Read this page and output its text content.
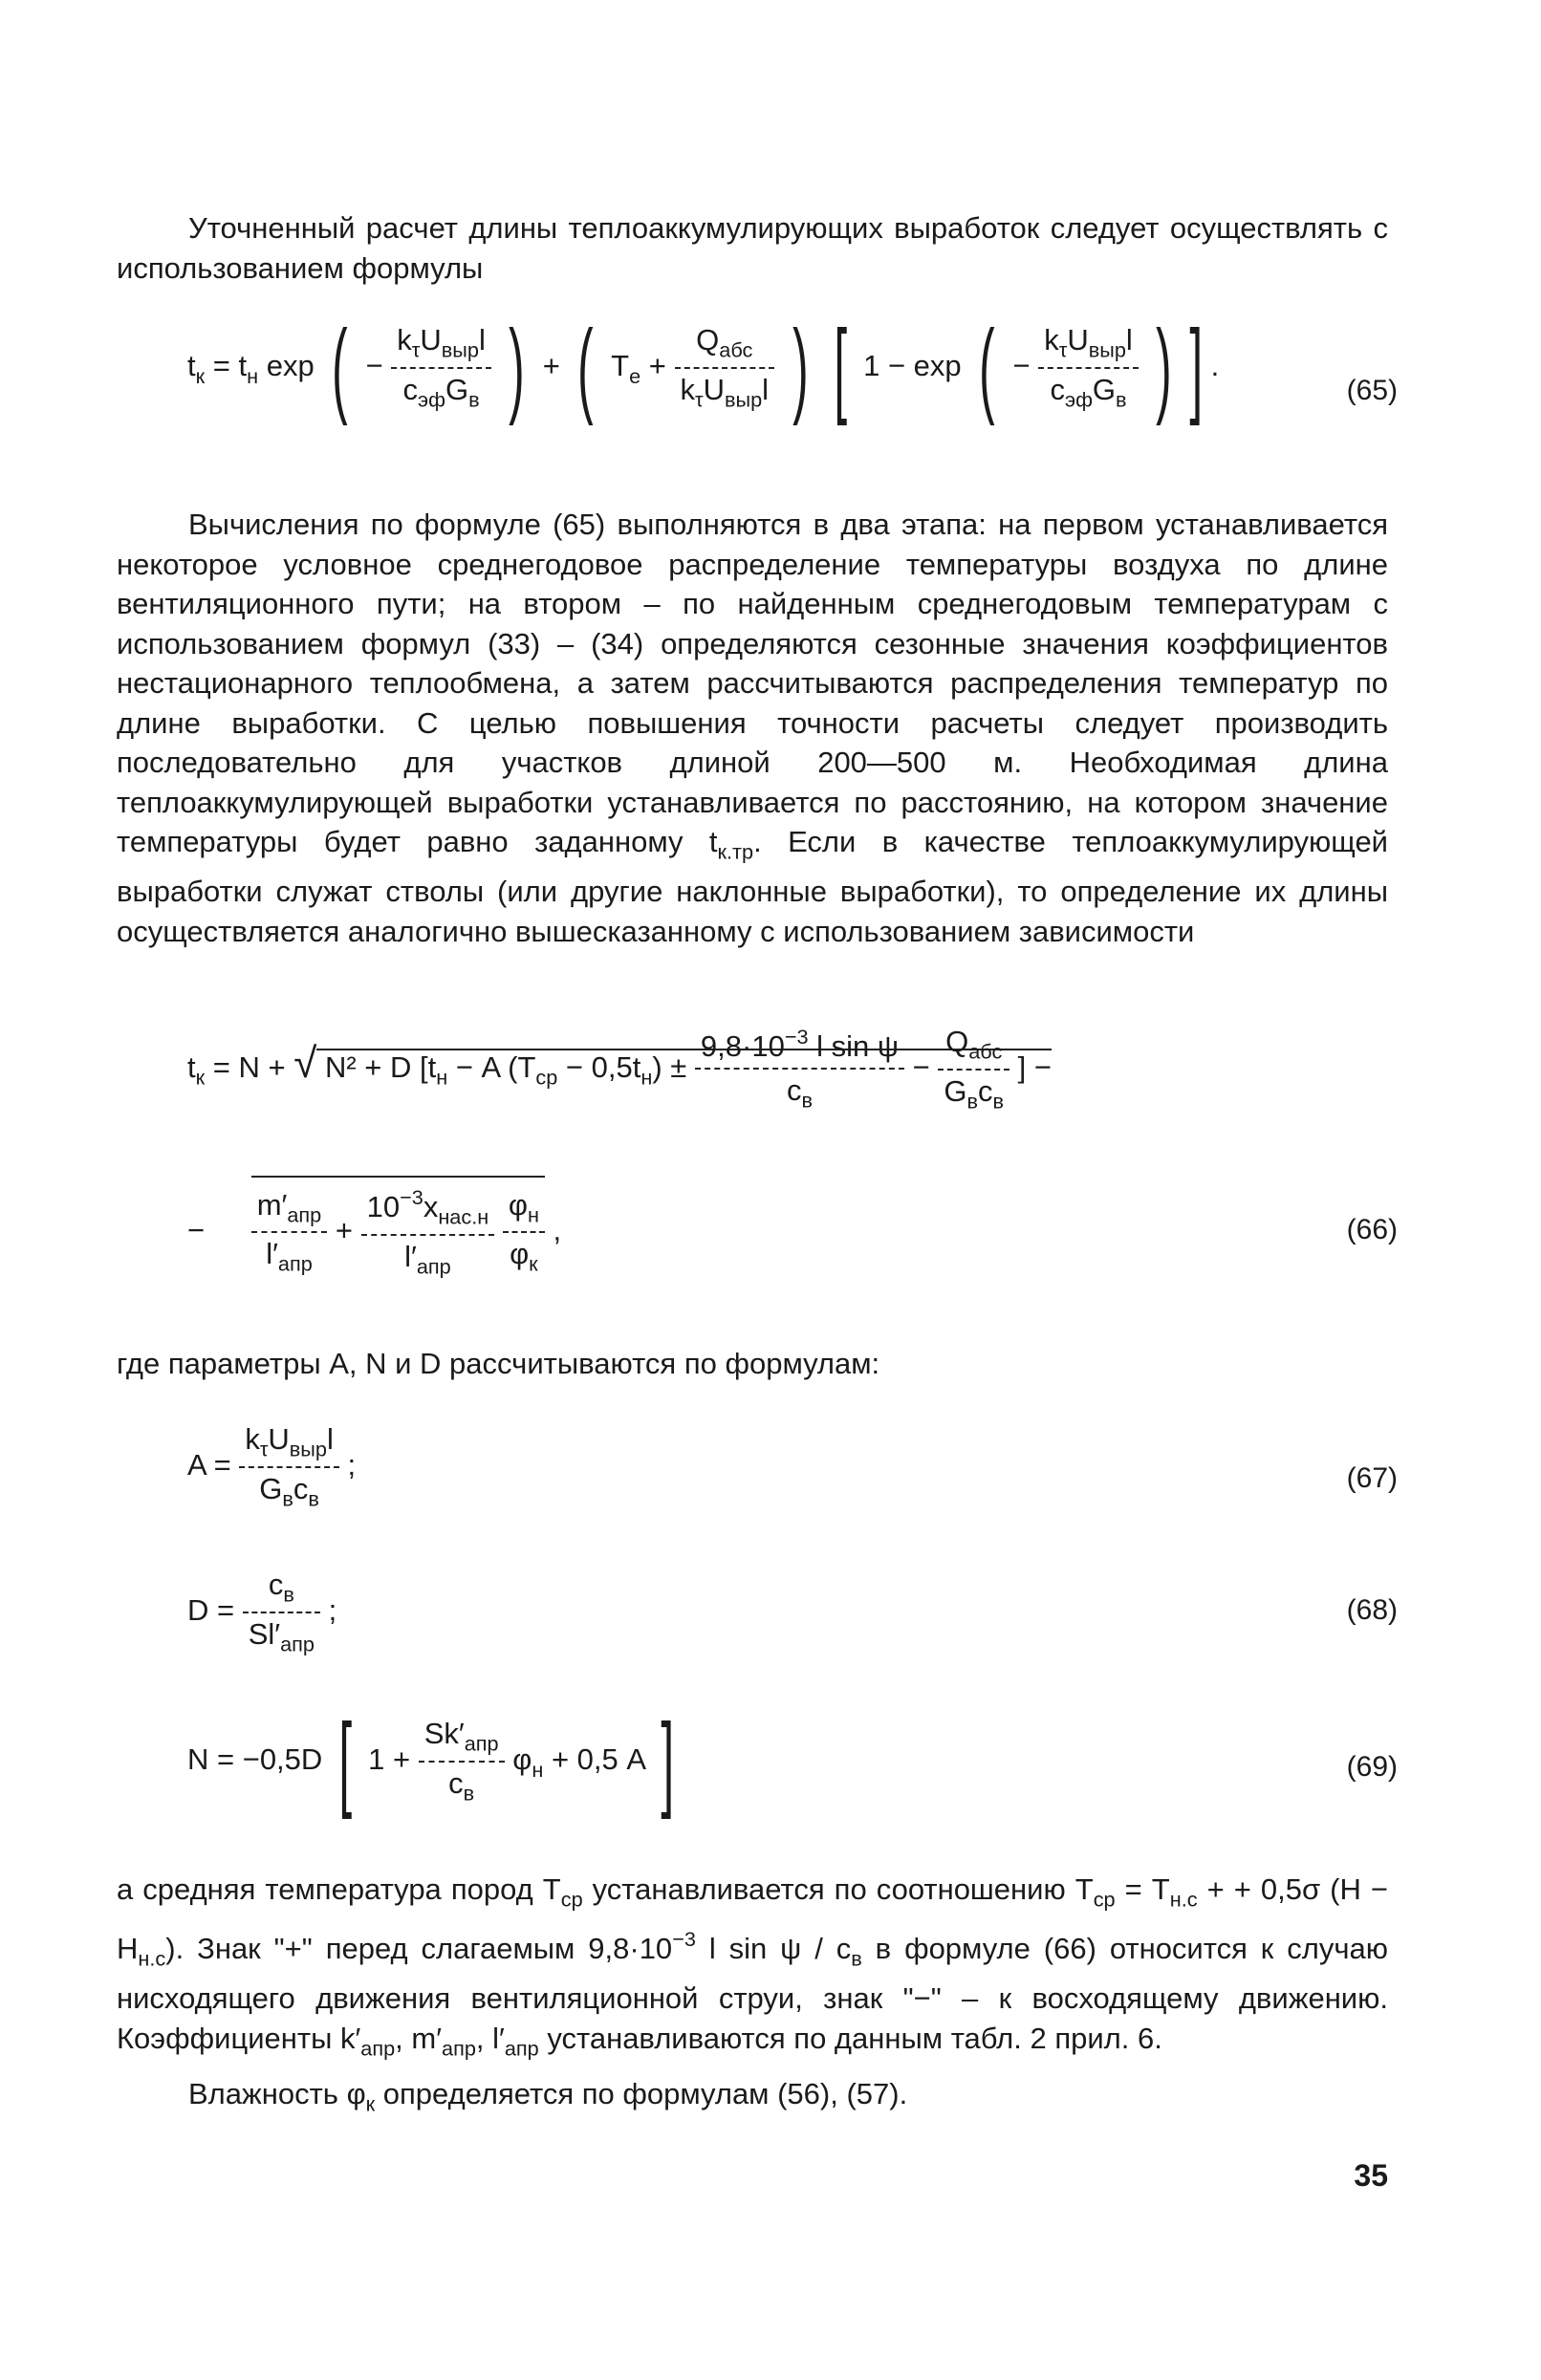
Уточненный расчет длины теплоаккумулирующих выработок следует осуществлять с использованием формулы

$t_к = t_н$ exp ( − $\frac{k_\tau U_{выр}l}{c_{эф}G_в}$ ) + ( $T_е + \frac{Q_{абс}}{k_\tau U_{выр}l}$ ) [ 1 − exp ( − $\frac{k_\tau U_{выр}l}{c_{эф}G_в}$ ) ] .
(65)

Вычисления по формуле (65) выполняются в два этапа: на первом устанавливается некоторое условное среднегодовое распределение температуры воздуха по длине вентиляционного пути; на втором – по найденным среднегодовым температурам с использованием формул (33) – (34) определяются сезонные значения коэффициентов нестационарного теплообмена, а затем рассчитываются распределения температур по длине выработки. С целью повышения точности расчеты следует производить последовательно для участков длиной 200—500 м. Необходимая длина теплоаккумулирующей выработки устанавливается по расстоянию, на котором значение температуры будет равно заданному $t_{к.тр}$. Если в качестве теплоаккумулирующей выработки служат стволы (или другие наклонные выработки), то определение их длины осуществляется аналогично вышесказанному с использованием зависимости

$t_к = N$ + √ N² + D [$t_н - A$ $(T_{ср} - 0,5t_н) \pm \frac{9,8\cdot 10^{-3} l \sin \psi}{c_в} - \frac{Q_{абс}}{G_вc_в}$ ] −
− $\frac{m'_{апр}}{l'_{апр}} + \frac{10^{-3}x_{нас.н}}{l'_{апр}}$
$\frac{\varphi_н}{\varphi_к}$ ,	(66)

где параметры A, N и D рассчитываются по формулам:

$A = \frac{k_\tau U_{выр}l}{G_вc_в}$ ;	(67)
$D = \frac{c_в}{Sl'_{апр}}$ ;	(68)
N = −0,5D [ $1 + \frac{Sk'_{апр}}{c_в} \varphi_н + 0,5$ A ]	(69)

а средняя температура пород $T_{ср}$ устанавливается по соотношению $T_{ср} = T_{н.с}$ + + 0,5σ $(H - H_{н.с})$. Знак "+" перед слагаемым $9,8\cdot 10^{-3}$ l sin ψ / $c_в$ в формуле (66) относится к случаю нисходящего движения вентиляционной струи, знак "−" – к восходящему движению. Коэффициенты $k'_{апр}$, $m'_{апр}$, $l'_{апр}$ устанавливаются по данным табл. 2 прил. 6.

Влажность $\varphi_к$ определяется по формулам (56), (57).

35
